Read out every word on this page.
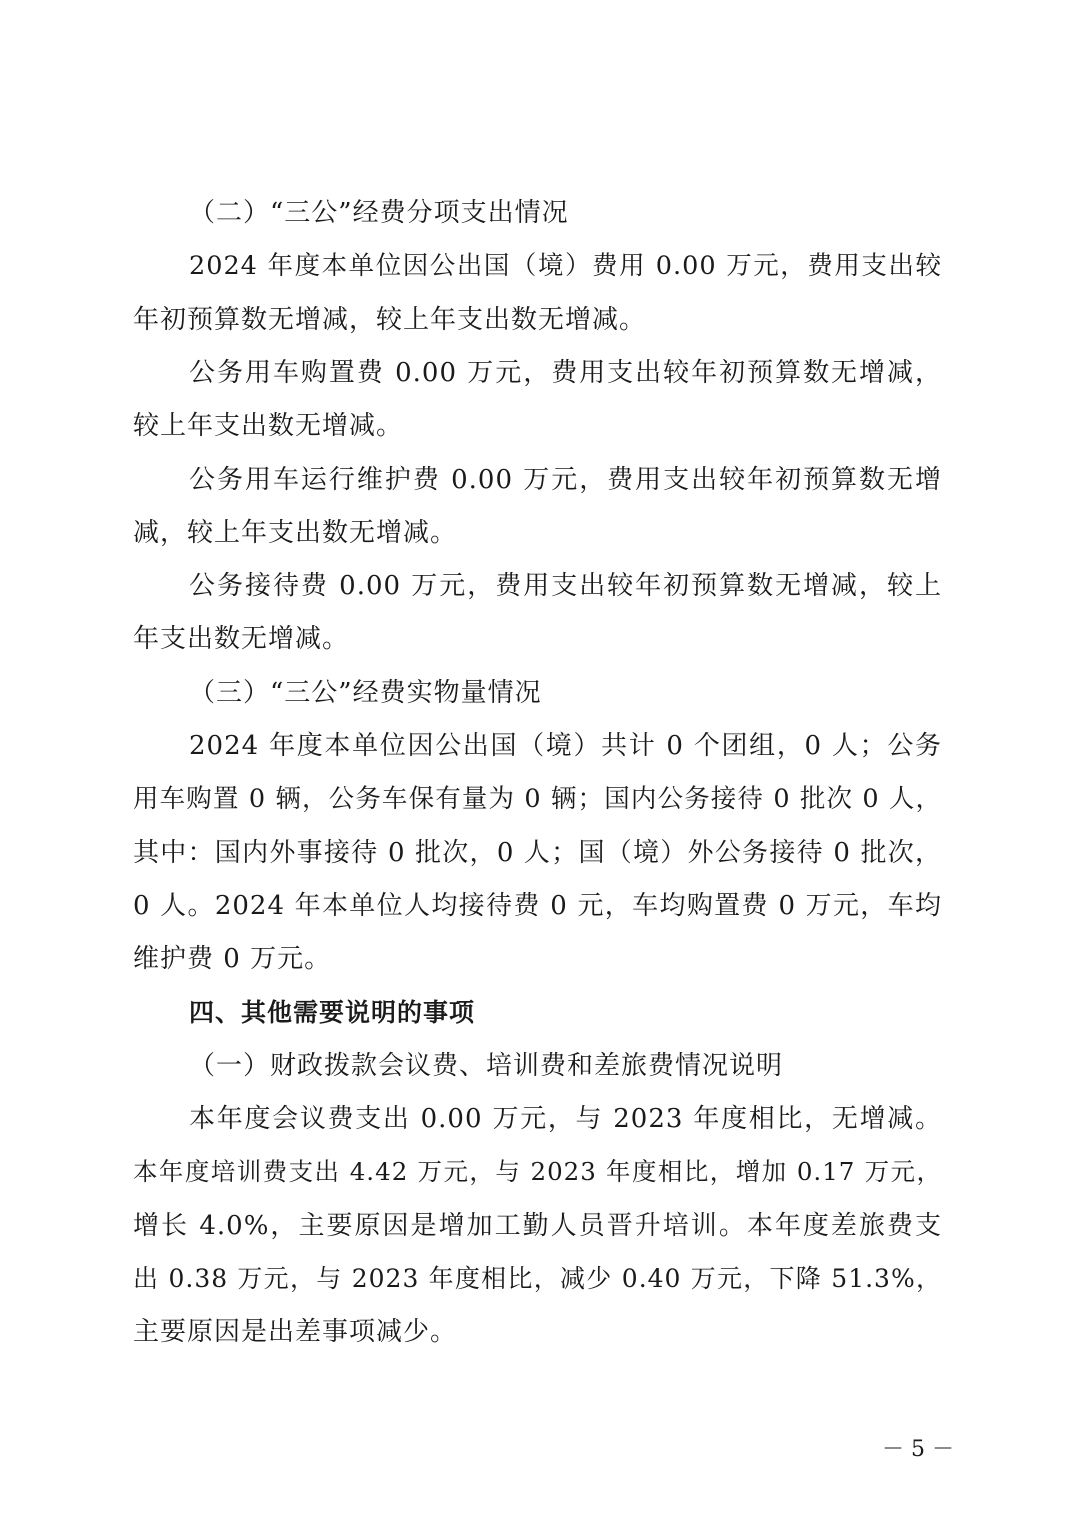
（二）“三公”经费分项支出情况
2024 年度本单位因公出国（境）费用 0.00 万元，费用支出较
年初预算数无增减，较上年支出数无增减。
公务用车购置费 0.00 万元，费用支出较年初预算数无增减，
较上年支出数无增减。
公务用车运行维护费 0.00 万元，费用支出较年初预算数无增
减，较上年支出数无增减。
公务接待费 0.00 万元，费用支出较年初预算数无增减，较上
年支出数无增减。
（三）“三公”经费实物量情况
2024 年度本单位因公出国（境）共计 0 个团组，0 人；公务
用车购置 0 辆，公务车保有量为 0 辆；国内公务接待 0 批次 0 人，
其中：国内外事接待 0 批次，0 人；国（境）外公务接待 0 批次，
0 人。2024 年本单位人均接待费 0 元，车均购置费 0 万元，车均
维护费 0 万元。
四、其他需要说明的事项
（一）财政拨款会议费、培训费和差旅费情况说明
本年度会议费支出 0.00 万元，与 2023 年度相比，无增减。
本年度培训费支出 4.42 万元，与 2023 年度相比，增加 0.17 万元，
增长 4.0%，主要原因是增加工勤人员晋升培训。本年度差旅费支
出 0.38 万元，与 2023 年度相比，减少 0.40 万元，下降 51.3%，
主要原因是出差事项减少。
－ 5 －
